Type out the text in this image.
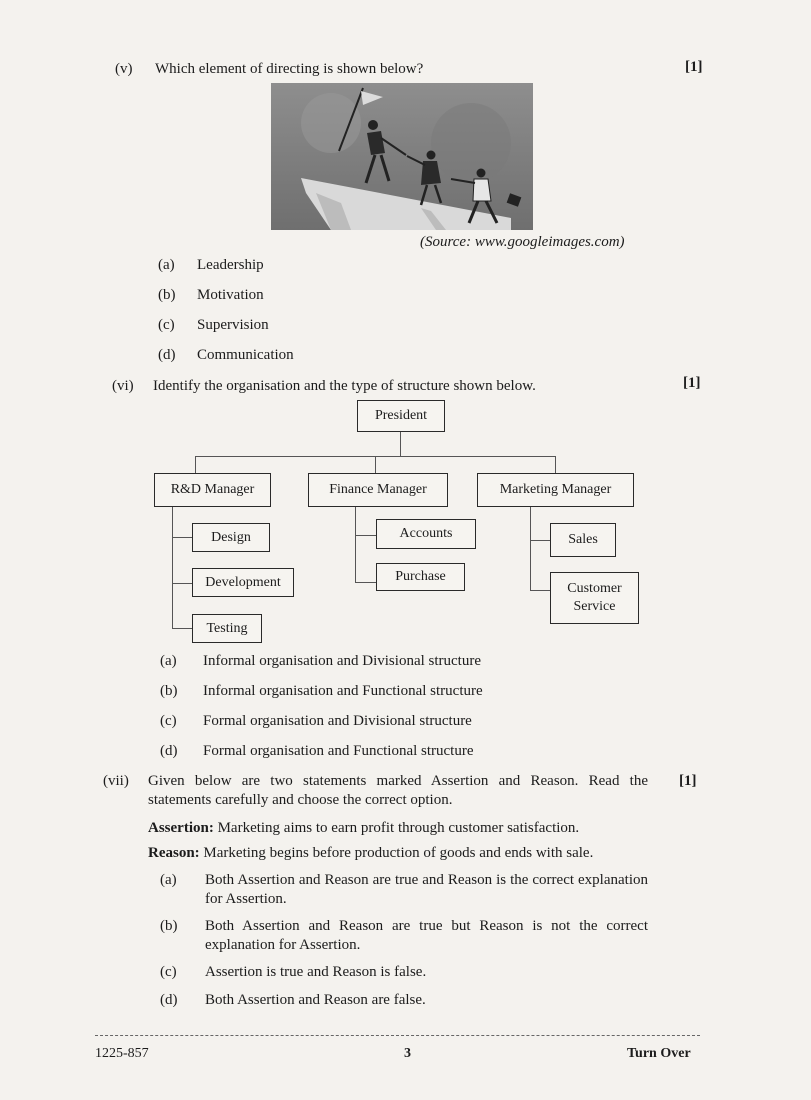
(v) Which element of directing is shown below?	[1]
(Source: www.googleimages.com)
(a) Leadership
(b) Motivation
(c) Supervision
(d) Communication
(vi) Identify the organisation and the type of structure shown below.	[1]
President
R&D Manager	Finance Manager	Marketing Manager
Design
Development
Testing
Accounts
Purchase
Sales
Customer Service
(a) Informal organisation and Divisional structure
(b) Informal organisation and Functional structure
(c) Formal organisation and Divisional structure
(d) Formal organisation and Functional structure
(vii) Given below are two statements marked Assertion and Reason. Read the statements carefully and choose the correct option.
[1]
Assertion: Marketing aims to earn profit through customer satisfaction.
Reason: Marketing begins before production of goods and ends with sale.
(a) Both Assertion and Reason are true and Reason is the correct explanation for Assertion.
(b) Both Assertion and Reason are true but Reason is not the correct explanation for Assertion.
(c) Assertion is true and Reason is false.
(d) Both Assertion and Reason are false.
1225-857	3	Turn Over
